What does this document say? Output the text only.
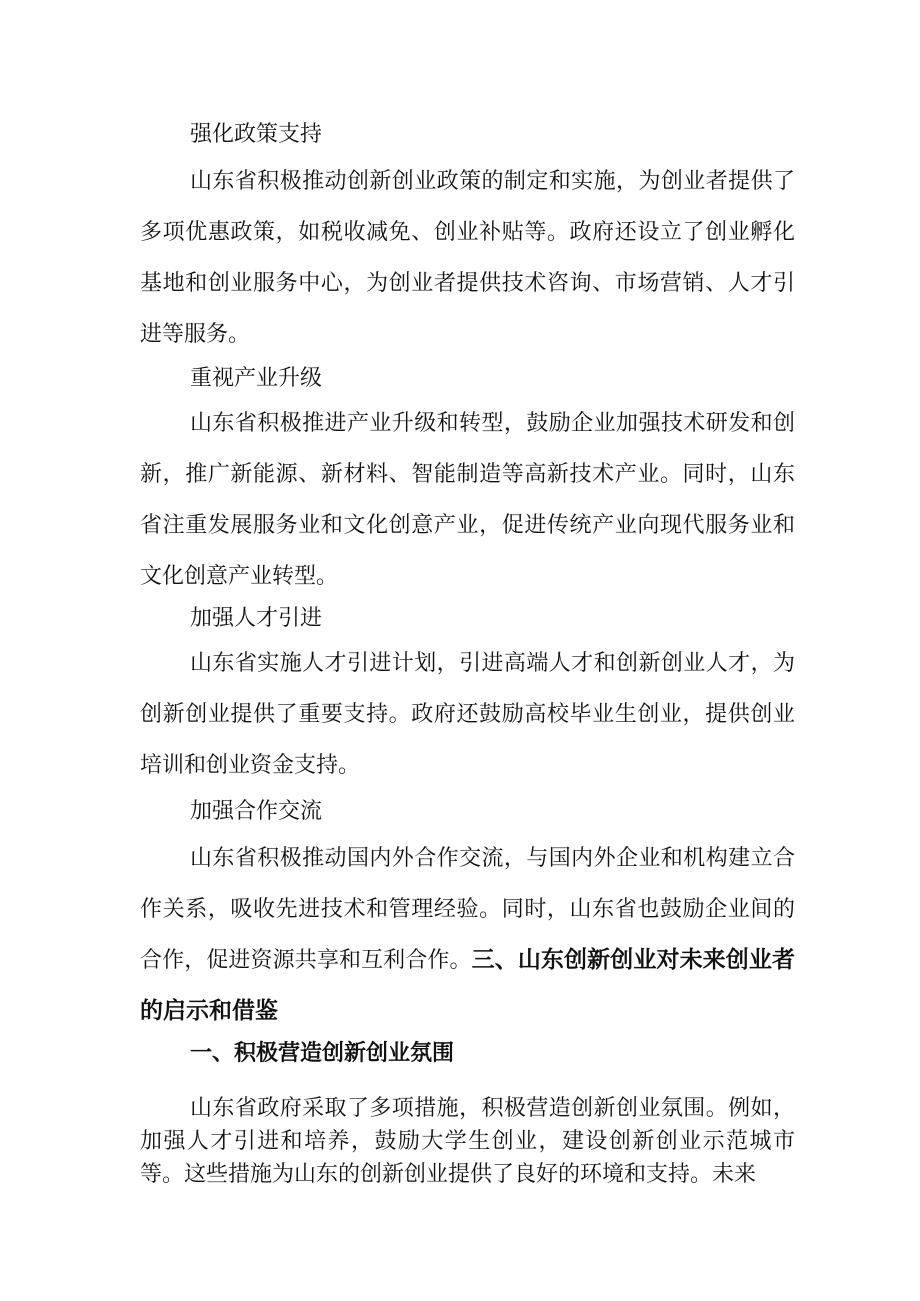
强化政策支持

山东省积极推动创新创业政策的制定和实施，为创业者提供了多项优惠政策，如税收减免、创业补贴等。政府还设立了创业孵化基地和创业服务中心，为创业者提供技术咨询、市场营销、人才引进等服务。

重视产业升级

山东省积极推进产业升级和转型，鼓励企业加强技术研发和创新，推广新能源、新材料、智能制造等高新技术产业。同时，山东省注重发展服务业和文化创意产业，促进传统产业向现代服务业和文化创意产业转型。

加强人才引进

山东省实施人才引进计划，引进高端人才和创新创业人才，为创新创业提供了重要支持。政府还鼓励高校毕业生创业，提供创业培训和创业资金支持。

加强合作交流

山东省积极推动国内外合作交流，与国内外企业和机构建立合作关系，吸收先进技术和管理经验。同时，山东省也鼓励企业间的合作，促进资源共享和互利合作。三、山东创新创业对未来创业者的启示和借鉴

一、积极营造创新创业氛围

山东省政府采取了多项措施，积极营造创新创业氛围。例如，加强人才引进和培养，鼓励大学生创业，建设创新创业示范城市等。这些措施为山东的创新创业提供了良好的环境和支持。未来
